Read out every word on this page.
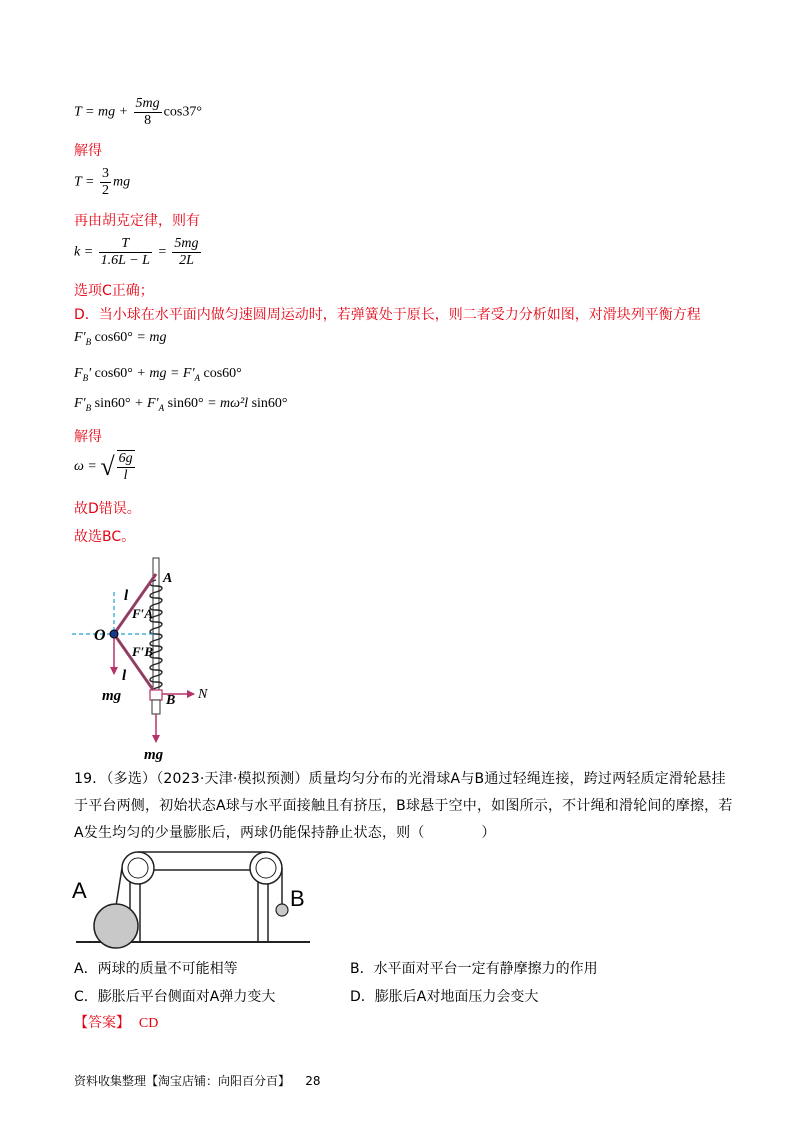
T = mg + $\frac{5mg}{8} \cos 37^\circ$
解得
$T = \frac{3}{2}$ mg
再由胡克定律，则有
$k = \frac{T}{1.6L - L} = \frac{5mg}{2L}$
选项C正确；
D．当小球在水平面内做匀速圆周运动时，若弹簧处于原长，则二者受力分析如图，对滑块列平衡方程
$F'_B$ cos60° = mg
$F_B'$ cos60° + mg = $F'_A$ cos60°
$F'_B$ $\sin 60^\circ + F'_A$ sin60° = mω²l sin60°
解得
ω = √ $\frac{6g}{l}$
故D错误。
故选BC。
A
O
B N
l
l
F′A
F′B
mg
mg
19．（多选）（2023·天津·模拟预测）质量均匀分布的光滑球A与B通过轻绳连接，跨过两轻质定滑轮悬挂于平台两侧，初始状态A球与水平面接触且有挤压，B球悬于空中，如图所示，不计绳和滑轮间的摩擦，若A发生均匀的少量膨胀后，两球仍能保持静止状态，则（　　　　）
A	B
A．两球的质量不可能相等	B．水平面对平台一定有静摩擦力的作用
C．膨胀后平台侧面对A弹力变大	D．膨胀后A对地面压力会变大
【答案】 CD
资料收集整理【淘宝店铺：向阳百分百】 28
